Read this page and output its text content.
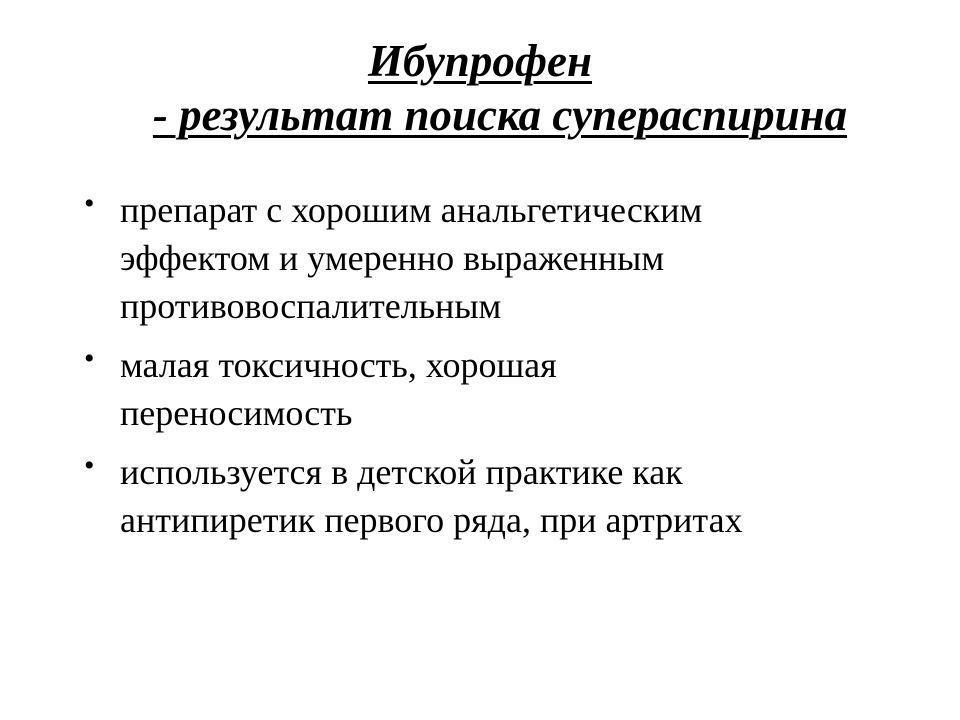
Ибупрофен
- результат поиска супераспирина
• препарат с хорошим анальгетическим
эффектом и умеренно выраженным
противовоспалительным
• малая токсичность, хорошая
переносимость
• используется в детской практике как
антипиретик первого ряда, при артритах
